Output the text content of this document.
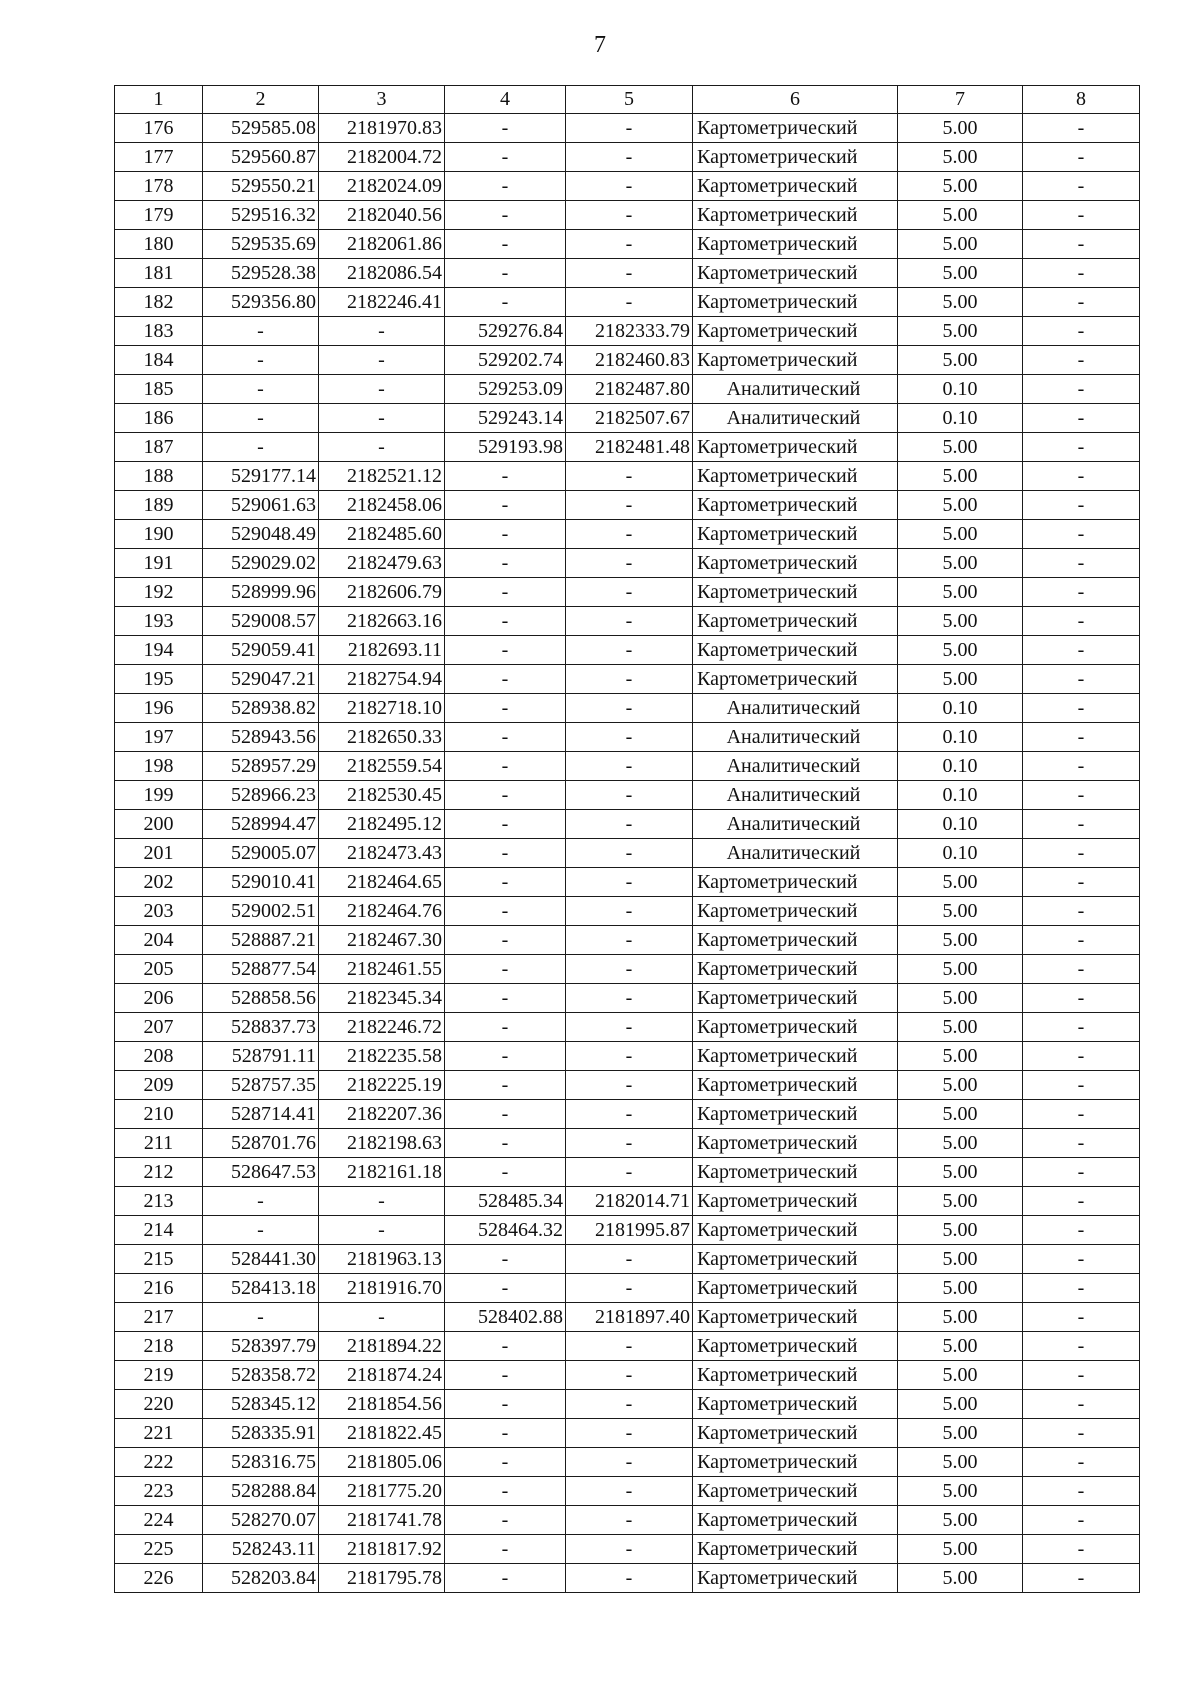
7
1	2	3	4	5	6	7	8
176	529585.08	2181970.83	-	-	Картометрический	5.00	-
177	529560.87	2182004.72	-	-	Картометрический	5.00	-
178	529550.21	2182024.09	-	-	Картометрический	5.00	-
179	529516.32	2182040.56	-	-	Картометрический	5.00	-
180	529535.69	2182061.86	-	-	Картометрический	5.00	-
181	529528.38	2182086.54	-	-	Картометрический	5.00	-
182	529356.80	2182246.41	-	-	Картометрический	5.00	-
183	-	-	529276.84	2182333.79	Картометрический	5.00	-
184	-	-	529202.74	2182460.83	Картометрический	5.00	-
185	-	-	529253.09	2182487.80	Аналитический	0.10	-
186	-	-	529243.14	2182507.67	Аналитический	0.10	-
187	-	-	529193.98	2182481.48	Картометрический	5.00	-
188	529177.14	2182521.12	-	-	Картометрический	5.00	-
189	529061.63	2182458.06	-	-	Картометрический	5.00	-
190	529048.49	2182485.60	-	-	Картометрический	5.00	-
191	529029.02	2182479.63	-	-	Картометрический	5.00	-
192	528999.96	2182606.79	-	-	Картометрический	5.00	-
193	529008.57	2182663.16	-	-	Картометрический	5.00	-
194	529059.41	2182693.11	-	-	Картометрический	5.00	-
195	529047.21	2182754.94	-	-	Картометрический	5.00	-
196	528938.82	2182718.10	-	-	Аналитический	0.10	-
197	528943.56	2182650.33	-	-	Аналитический	0.10	-
198	528957.29	2182559.54	-	-	Аналитический	0.10	-
199	528966.23	2182530.45	-	-	Аналитический	0.10	-
200	528994.47	2182495.12	-	-	Аналитический	0.10	-
201	529005.07	2182473.43	-	-	Аналитический	0.10	-
202	529010.41	2182464.65	-	-	Картометрический	5.00	-
203	529002.51	2182464.76	-	-	Картометрический	5.00	-
204	528887.21	2182467.30	-	-	Картометрический	5.00	-
205	528877.54	2182461.55	-	-	Картометрический	5.00	-
206	528858.56	2182345.34	-	-	Картометрический	5.00	-
207	528837.73	2182246.72	-	-	Картометрический	5.00	-
208	528791.11	2182235.58	-	-	Картометрический	5.00	-
209	528757.35	2182225.19	-	-	Картометрический	5.00	-
210	528714.41	2182207.36	-	-	Картометрический	5.00	-
211	528701.76	2182198.63	-	-	Картометрический	5.00	-
212	528647.53	2182161.18	-	-	Картометрический	5.00	-
213	-	-	528485.34	2182014.71	Картометрический	5.00	-
214	-	-	528464.32	2181995.87	Картометрический	5.00	-
215	528441.30	2181963.13	-	-	Картометрический	5.00	-
216	528413.18	2181916.70	-	-	Картометрический	5.00	-
217	-	-	528402.88	2181897.40	Картометрический	5.00	-
218	528397.79	2181894.22	-	-	Картометрический	5.00	-
219	528358.72	2181874.24	-	-	Картометрический	5.00	-
220	528345.12	2181854.56	-	-	Картометрический	5.00	-
221	528335.91	2181822.45	-	-	Картометрический	5.00	-
222	528316.75	2181805.06	-	-	Картометрический	5.00	-
223	528288.84	2181775.20	-	-	Картометрический	5.00	-
224	528270.07	2181741.78	-	-	Картометрический	5.00	-
225	528243.11	2181817.92	-	-	Картометрический	5.00	-
226	528203.84	2181795.78	-	-	Картометрический	5.00	-
